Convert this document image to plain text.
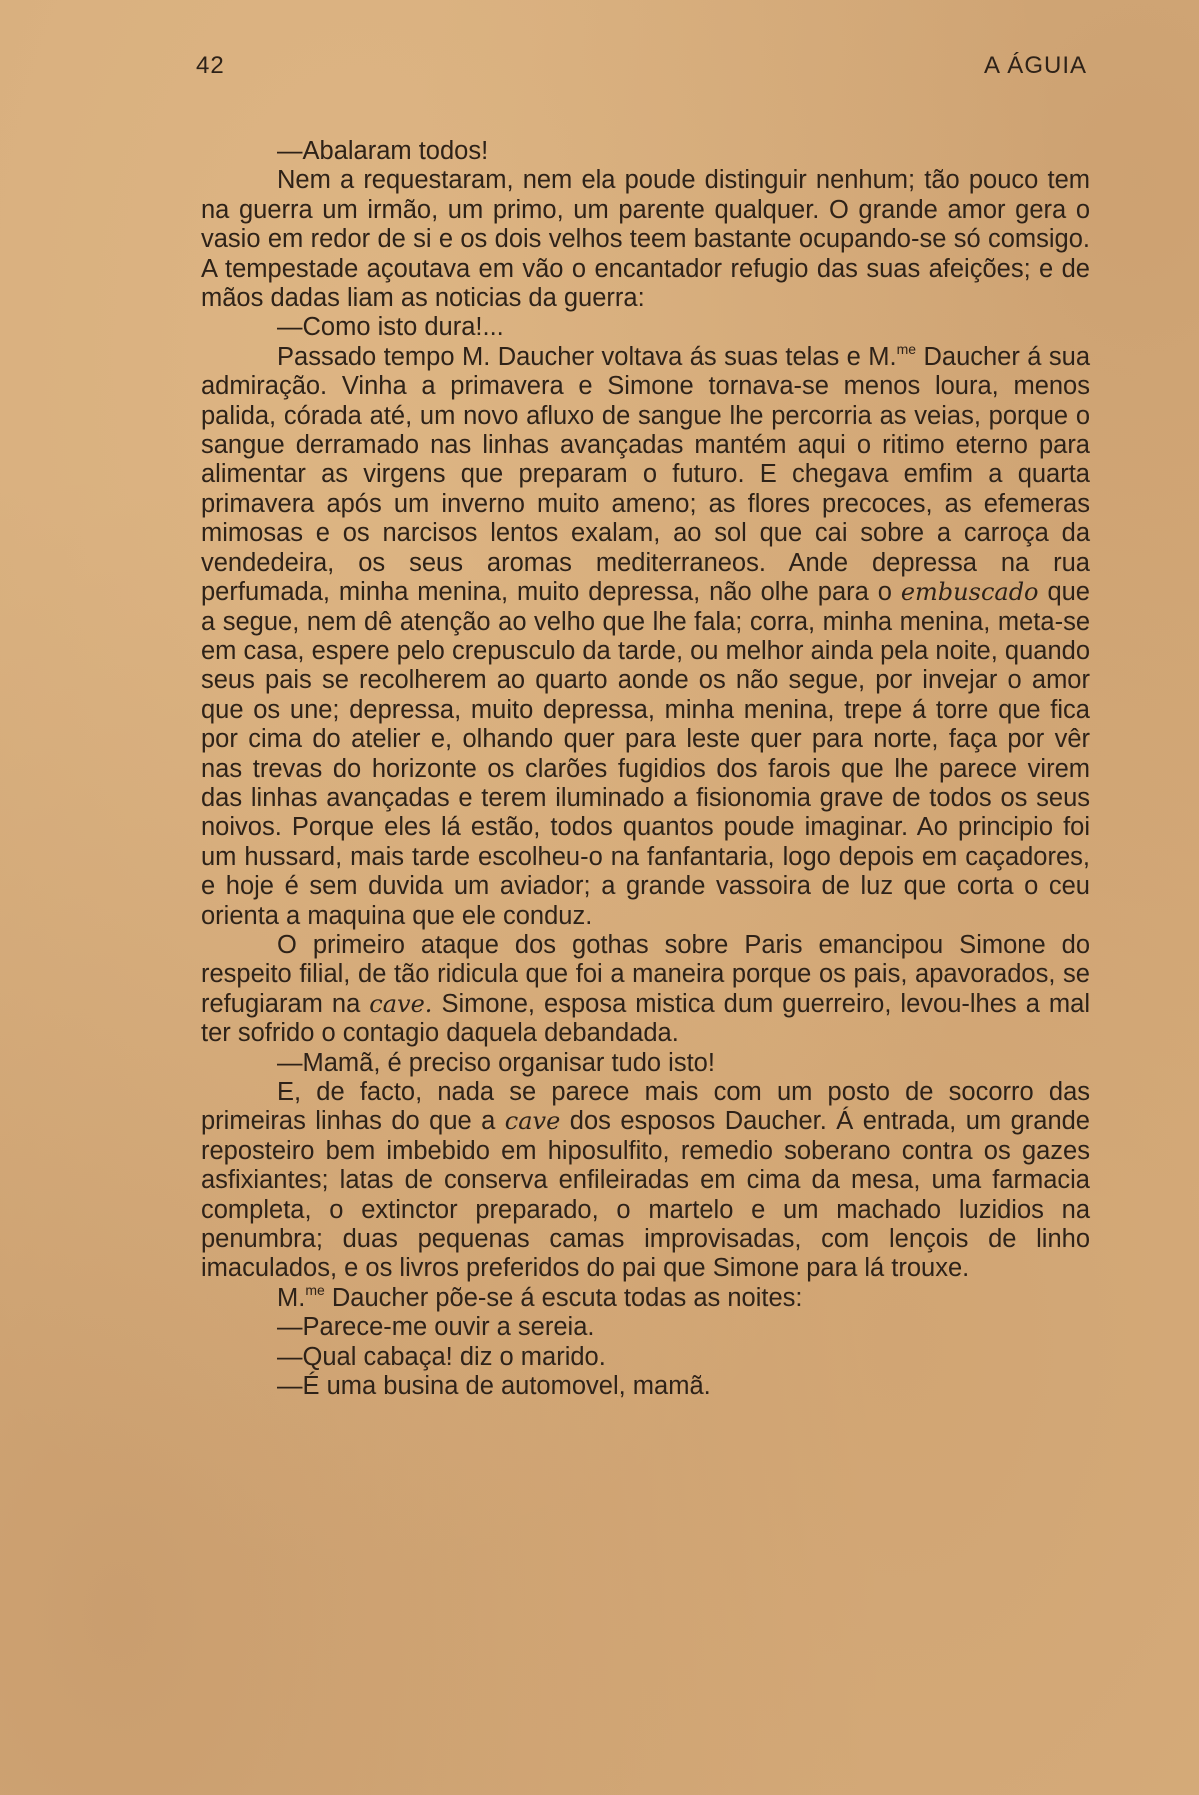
42	A ÁGUIA

—Abalaram todos!

Nem a requestaram, nem ela poude distinguir nenhum; tão pouco tem na guerra um irmão, um primo, um parente qualquer. O grande amor gera o vasio em redor de si e os dois velhos teem bastante ocupando-se só comsigo. A tempestade açoutava em vão o encantador refugio das suas afeições; e de mãos dadas liam as noticias da guerra:

—Como isto dura!...

Passado tempo M. Daucher voltava ás suas telas e M.$^{me}$ Daucher á sua admiração. Vinha a primavera e Simone tornava-se menos loura, menos palida, córada até, um novo afluxo de sangue lhe percorria as veias, porque o sangue derramado nas linhas avançadas mantém aqui o ritimo eterno para alimentar as virgens que preparam o futuro. E chegava emfim a quarta primavera após um inverno muito ameno; as flores precoces, as efemeras mimosas e os narcisos lentos exalam, ao sol que cai sobre a carroça da vendedeira, os seus aromas mediterraneos. Ande depressa na rua perfumada, minha menina, muito depressa, não olhe para o embuscado que a segue, nem dê atenção ao velho que lhe fala; corra, minha menina, meta-se em casa, espere pelo crepusculo da tarde, ou melhor ainda pela noite, quando seus pais se recolherem ao quarto aonde os não segue, por invejar o amor que os une; depressa, muito depressa, minha menina, trepe á torre que fica por cima do atelier e, olhando quer para leste quer para norte, faça por vêr nas trevas do horizonte os clarões fugidios dos farois que lhe parece virem das linhas avançadas e terem iluminado a fisionomia grave de todos os seus noivos. Porque eles lá estão, todos quantos poude imaginar. Ao principio foi um hussard, mais tarde escolheu-o na fanfantaria, logo depois em caçadores, e hoje é sem duvida um aviador; a grande vassoira de luz que corta o ceu orienta a maquina que ele conduz.

O primeiro ataque dos gothas sobre Paris emancipou Simone do respeito filial, de tão ridicula que foi a maneira porque os pais, apavorados, se refugiaram na cave. Simone, esposa mistica dum guerreiro, levou-lhes a mal ter sofrido o contagio daquela debandada.

—Mamã, é preciso organisar tudo isto!

E, de facto, nada se parece mais com um posto de socorro das primeiras linhas do que a cave dos esposos Daucher. Á entrada, um grande reposteiro bem imbebido em hiposulfito, remedio soberano contra os gazes asfixiantes; latas de conserva enfileiradas em cima da mesa, uma farmacia completa, o extinctor preparado, o martelo e um machado luzidios na penumbra; duas pequenas camas improvisadas, com lençois de linho imaculados, e os livros preferidos do pai que Simone para lá trouxe.

M.$^{me}$ Daucher põe-se á escuta todas as noites:

—Parece-me ouvir a sereia.

—Qual cabaça! diz o marido.

—É uma busina de automovel, mamã.
